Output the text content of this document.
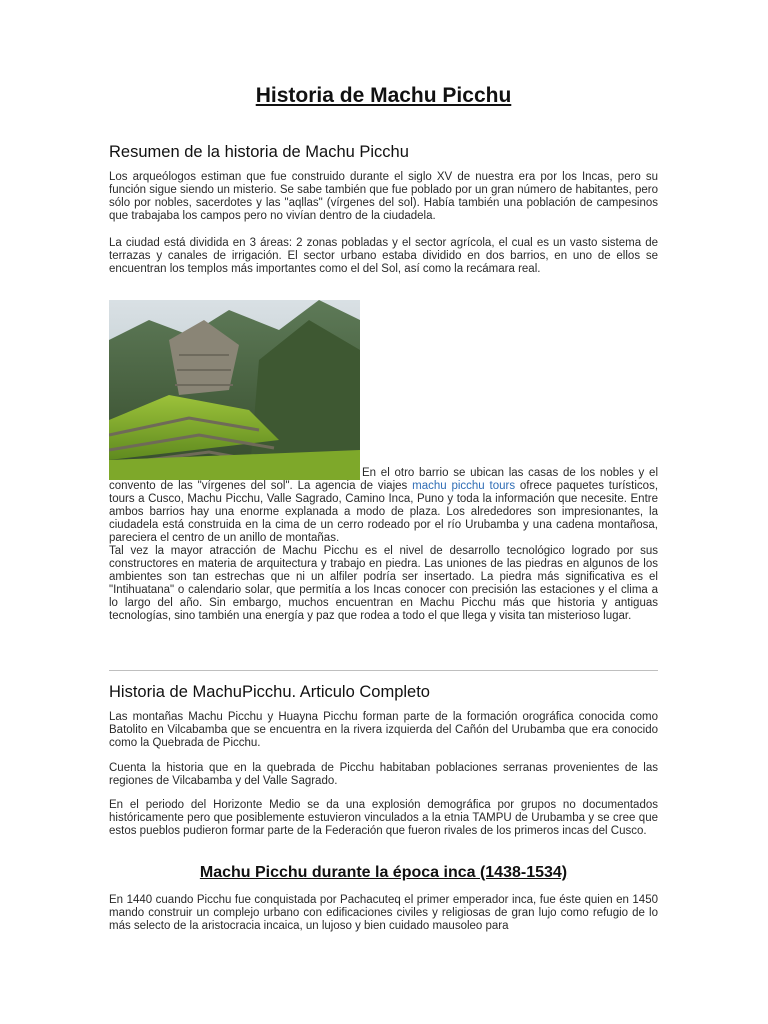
Historia de Machu Picchu
Resumen de la historia de Machu Picchu

Los arqueólogos estiman que fue construido durante el siglo XV de nuestra era por los Incas, pero su función sigue siendo un misterio. Se sabe también que fue poblado por un gran número de habitantes, pero sólo por nobles, sacerdotes y las "aqllas" (vírgenes del sol). Había también una población de campesinos que trabajaba los campos pero no vivían dentro de la ciudadela.

La ciudad está dividida en 3 áreas: 2 zonas pobladas y el sector agrícola, el cual es un vasto sistema de terrazas y canales de irrigación. El sector urbano estaba dividido en dos barrios, en uno de ellos se encuentran los templos más importantes como el del Sol, así como la recámara real.

En el otro barrio se ubican las casas de los nobles y el convento de las "vírgenes del sol". La agencia de viajes machu picchu tours ofrece paquetes turísticos, tours a Cusco, Machu Picchu, Valle Sagrado, Camino Inca, Puno y toda la información que necesite. Entre ambos barrios hay una enorme explanada a modo de plaza. Los alrededores son impresionantes, la ciudadela está construida en la cima de un cerro rodeado por el río Urubamba y una cadena montañosa, pareciera el centro de un anillo de montañas.

Tal vez la mayor atracción de Machu Picchu es el nivel de desarrollo tecnológico logrado por sus constructores en materia de arquitectura y trabajo en piedra. Las uniones de las piedras en algunos de los ambientes son tan estrechas que ni un alfiler podría ser insertado. La piedra más significativa es el "Intihuatana" o calendario solar, que permitía a los Incas conocer con precisión las estaciones y el clima a lo largo del año. Sin embargo, muchos encuentran en Machu Picchu más que historia y antiguas tecnologías, sino también una energía y paz que rodea a todo el que llega y visita tan misterioso lugar.

Historia de MachuPicchu. Articulo Completo

Las montañas Machu Picchu y Huayna Picchu forman parte de la formación orográfica conocida como Batolito en Vilcabamba que se encuentra en la rivera izquierda del Cañón del Urubamba que era conocido como la Quebrada de Picchu.

Cuenta la historia que en la quebrada de Picchu habitaban poblaciones serranas provenientes de las regiones de Vilcabamba y del Valle Sagrado.

En el periodo del Horizonte Medio se da una explosión demográfica por grupos no documentados históricamente pero que posiblemente estuvieron vinculados a la etnia TAMPU de Urubamba y se cree que estos pueblos pudieron formar parte de la Federación que fueron rivales de los primeros incas del Cusco.

Machu Picchu durante la época inca (1438-1534)

En 1440 cuando Picchu fue conquistada por Pachacuteq el primer emperador inca, fue éste quien en 1450 mando construir un complejo urbano con edificaciones civiles y religiosas de gran lujo como refugio de lo más selecto de la aristocracia incaica, un lujoso y bien cuidado mausoleo para
